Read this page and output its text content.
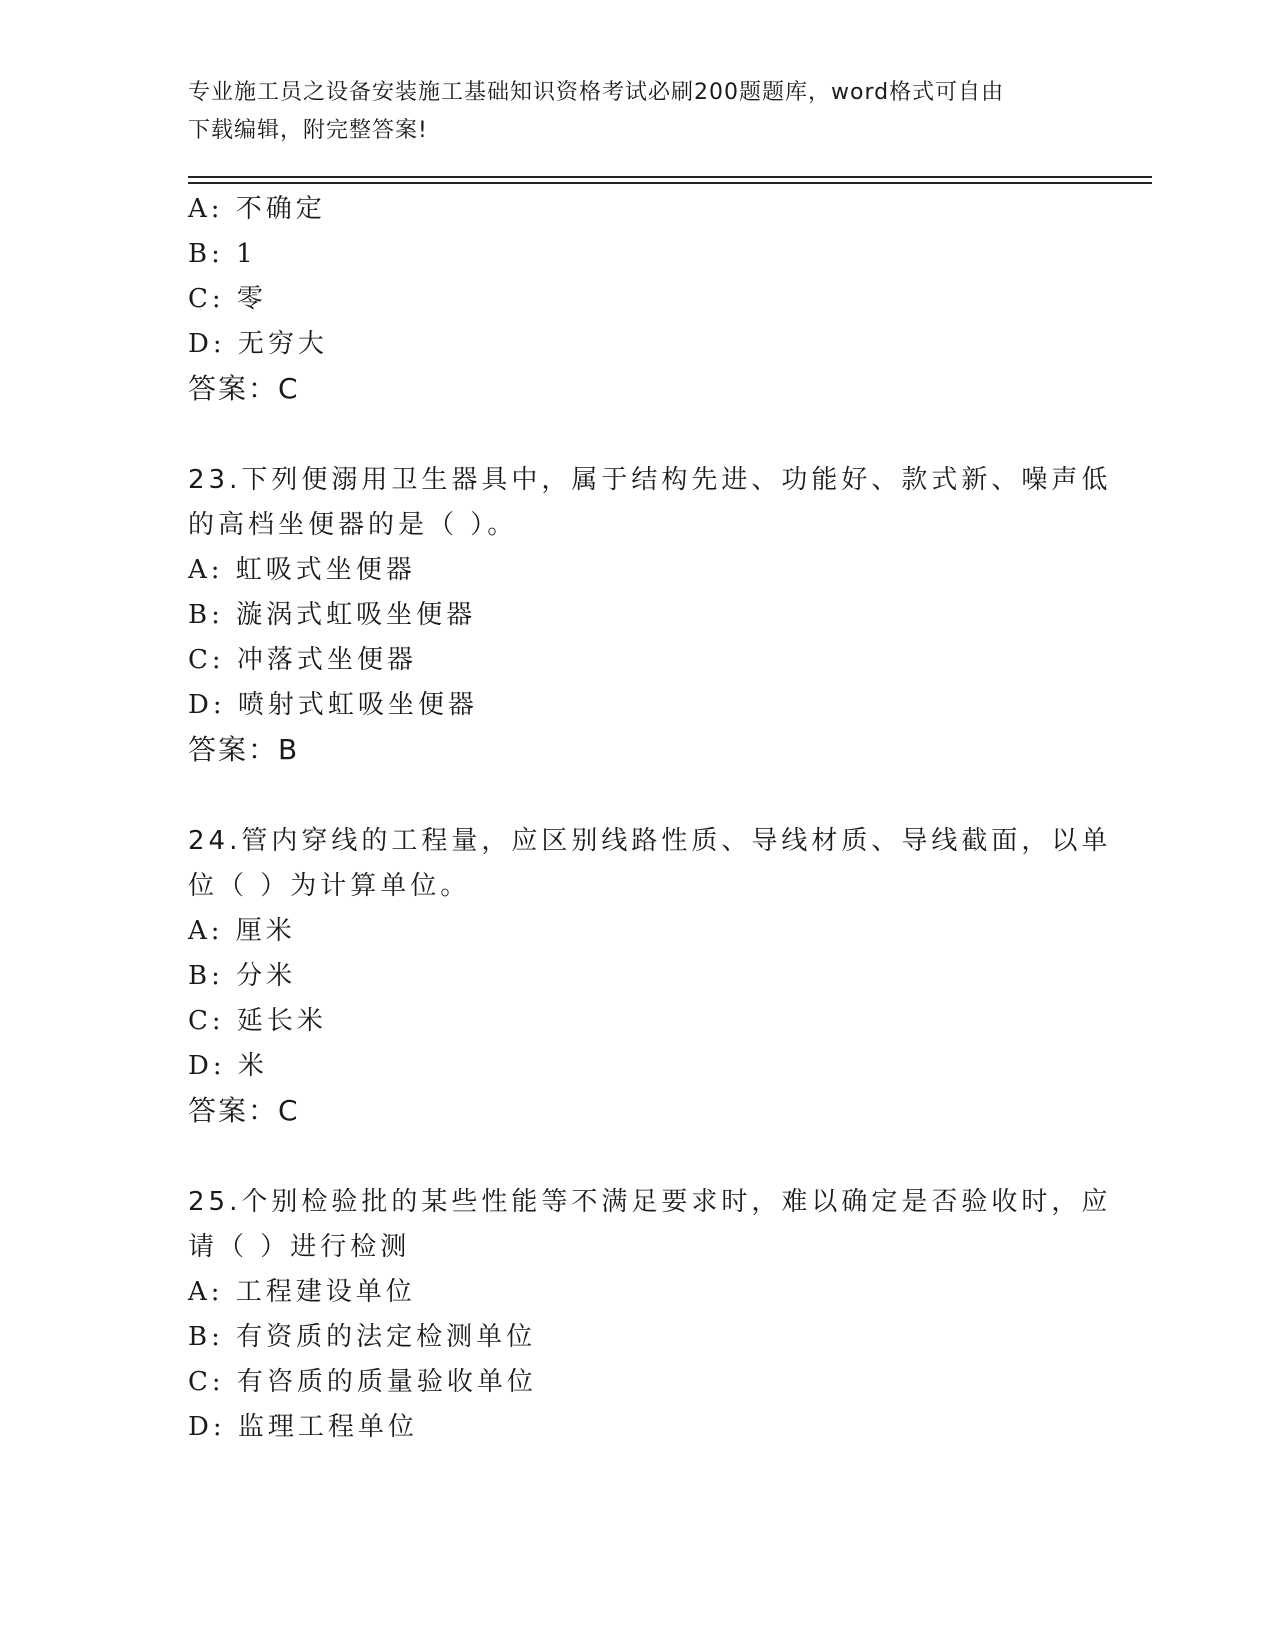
专业施工员之设备安装施工基础知识资格考试必刷200题题库，word格式可自由
下载编辑，附完整答案!
A: 不确定
B: 1
C: 零
D: 无穷大
答案：C
23.下列便溺用卫生器具中，属于结构先进、功能好、款式新、噪声低
的高档坐便器的是（ ）。
A: 虹吸式坐便器
B: 漩涡式虹吸坐便器
C: 冲落式坐便器
D: 喷射式虹吸坐便器
答案：B
24.管内穿线的工程量，应区别线路性质、导线材质、导线截面，以单
位（ ）为计算单位。
A: 厘米
B: 分米
C: 延长米
D: 米
答案：C
25.个别检验批的某些性能等不满足要求时，难以确定是否验收时，应
请（ ）进行检测
A: 工程建设单位
B: 有资质的法定检测单位
C: 有咨质的质量验收单位
D: 监理工程单位
